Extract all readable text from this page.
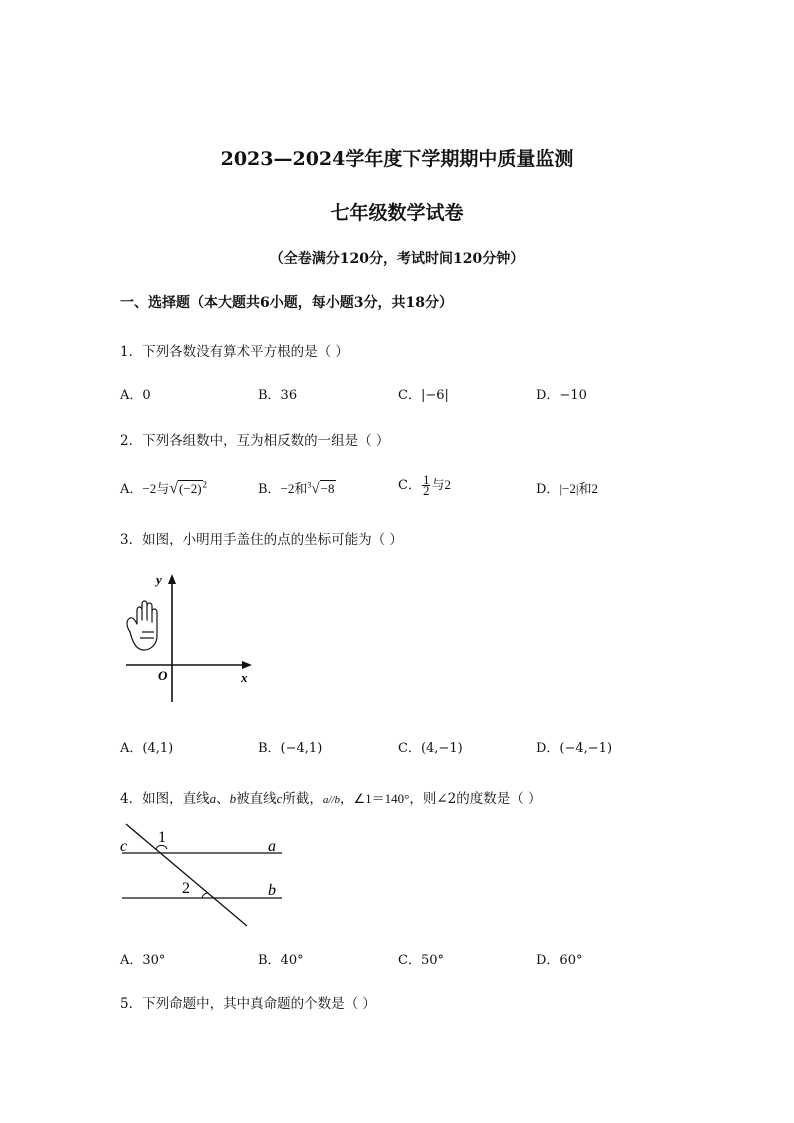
2023—2024学年度下学期期中质量监测
七年级数学试卷
（全卷满分120分，考试时间120分钟）
一、选择题（本大题共6小题，每小题3分，共18分）
1．下列各数没有算术平方根的是（ ）
A．0	B．36	C．|−6|	D．−10
2．下列各组数中，互为相反数的一组是（ ）
A．−2与$√(-2)^2$	B．−2和$^3$√−8	C． $\frac{1}{2}$ 与2	D．|−2|和2
3．如图，小明用手盖住的点的坐标可能为（ ）
y
x
O
A．(4,1)	B．(−4,1)	C．(4,−1)	D．(−4,−1)
4．如图，直线a、b被直线c所截，a//b，∠1＝140°，则∠2的度数是（ ）
c	a
b
1
2
A．30°	B．40°	C．50°	D．60°
5．下列命题中，其中真命题的个数是（ ）
